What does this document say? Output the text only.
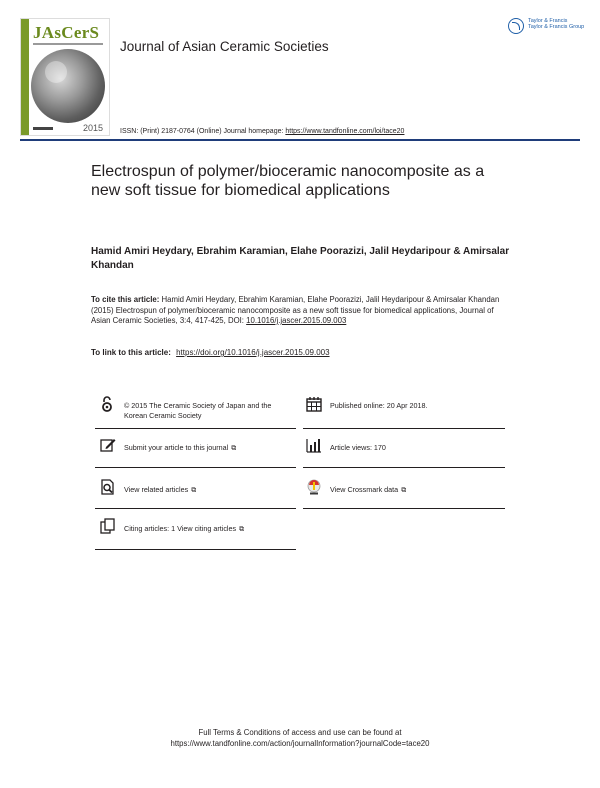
JAsCerS
2015
Journal of Asian Ceramic Societies
Taylor & Francis
Taylor & Francis Group
ISSN: (Print) 2187-0764 (Online) Journal homepage: https://www.tandfonline.com/loi/tace20
Electrospun of polymer/bioceramic nanocomposite as a new soft tissue for biomedical applications
Hamid Amiri Heydary, Ebrahim Karamian, Elahe Poorazizi, Jalil Heydaripour & Amirsalar Khandan
To cite this article: Hamid Amiri Heydary, Ebrahim Karamian, Elahe Poorazizi, Jalil Heydaripour & Amirsalar Khandan (2015) Electrospun of polymer/bioceramic nanocomposite as a new soft tissue for biomedical applications, Journal of Asian Ceramic Societies, 3:4, 417-425, DOI: 10.1016/j.jascer.2015.09.003
To link to this article: https://doi.org/10.1016/j.jascer.2015.09.003
© 2015 The Ceramic Society of Japan and the Korean Ceramic Society
Published online: 20 Apr 2018.
Submit your article to this journal ⧉	Article views: 170
View related articles ⧉	View Crossmark data ⧉
Citing articles: 1 View citing articles ⧉
Full Terms & Conditions of access and use can be found at
https://www.tandfonline.com/action/journalInformation?journalCode=tace20
